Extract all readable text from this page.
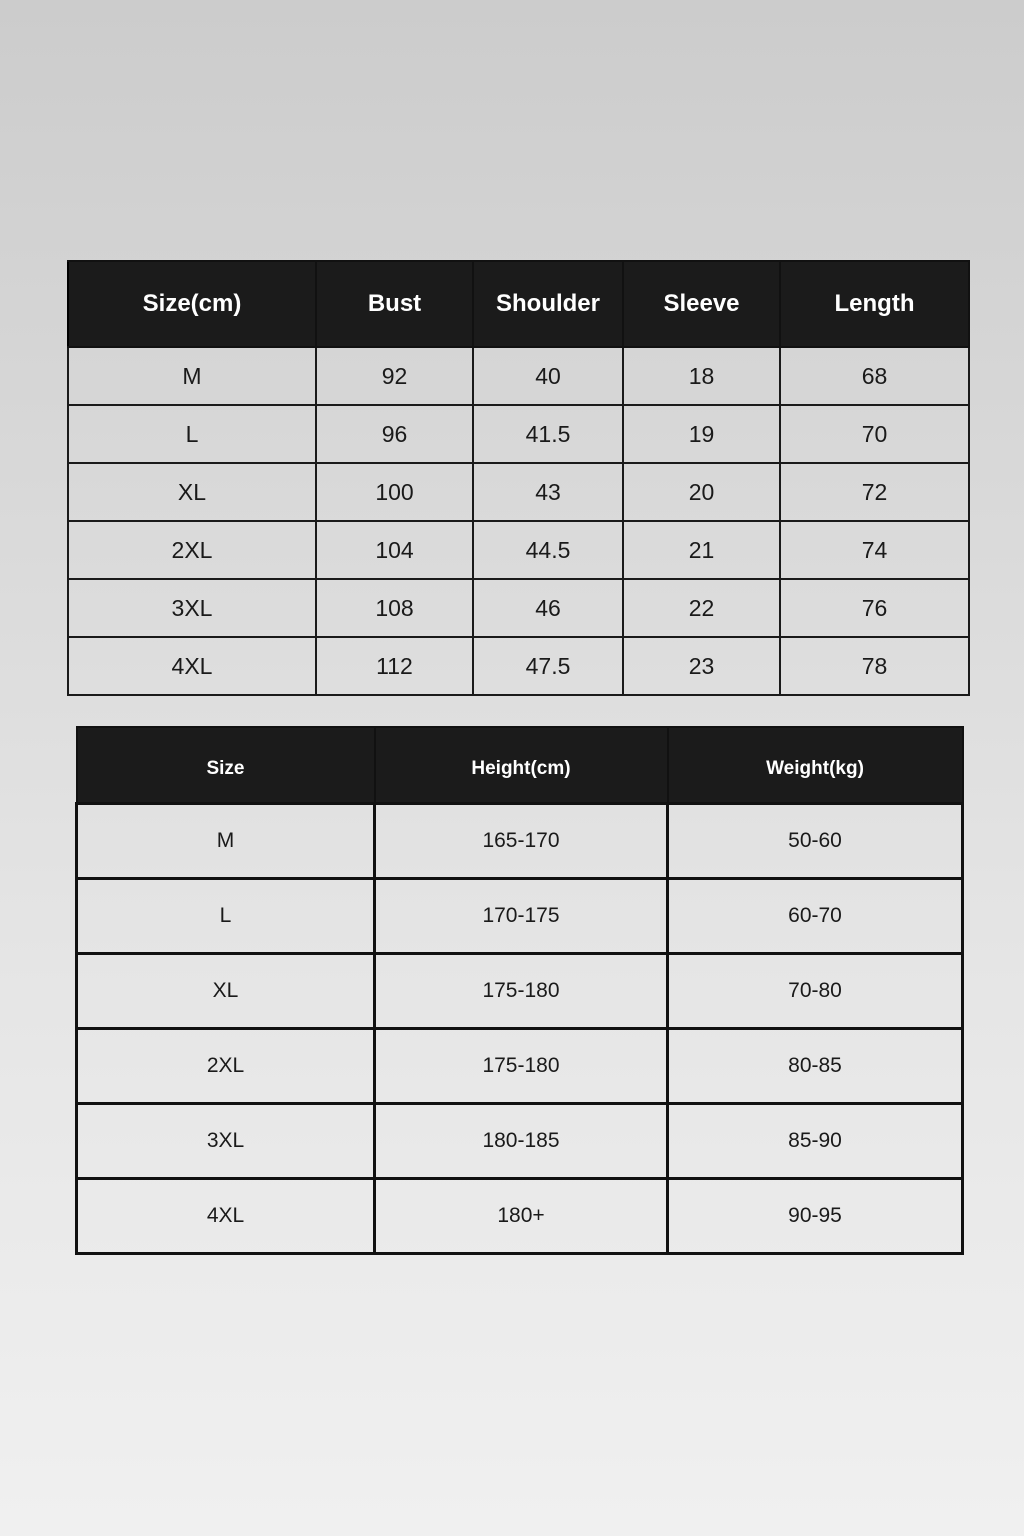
Size(cm)	Bust	Shoulder	Sleeve	Length
M	92	40	18	68
L	96	41.5	19	70
XL	100	43	20	72
2XL	104	44.5	21	74
3XL	108	46	22	76
4XL	112	47.5	23	78
Size	Height(cm)	Weight(kg)
M	165-170	50-60
L	170-175	60-70
XL	175-180	70-80
2XL	175-180	80-85
3XL	180-185	85-90
4XL	180+	90-95
